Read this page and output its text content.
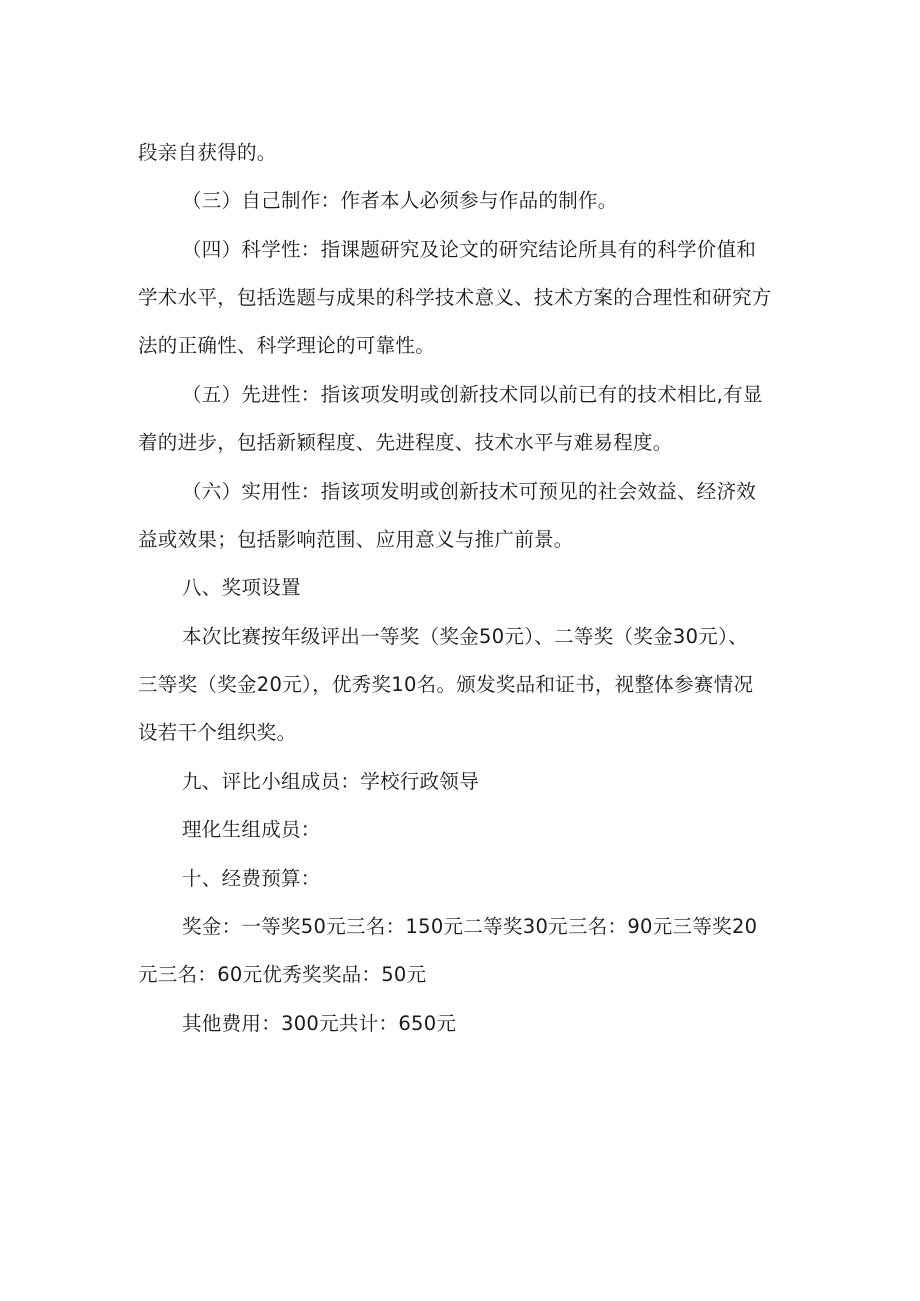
段亲自获得的。
（三）自己制作：作者本人必须参与作品的制作。
（四）科学性：指课题研究及论文的研究结论所具有的科学价值和
学术水平，包括选题与成果的科学技术意义、技术方案的合理性和研究方
法的正确性、科学理论的可靠性。
（五）先进性：指该项发明或创新技术同以前已有的技术相比,有显
着的进步，包括新颖程度、先进程度、技术水平与难易程度。
（六）实用性：指该项发明或创新技术可预见的社会效益、经济效
益或效果；包括影响范围、应用意义与推广前景。
八、奖项设置
本次比赛按年级评出一等奖（奖金50元）、二等奖（奖金30元）、
三等奖（奖金20元），优秀奖10名。颁发奖品和证书，视整体参赛情况
设若干个组织奖。
九、评比小组成员：学校行政领导
理化生组成员：
十、经费预算：
奖金：一等奖50元三名：150元二等奖30元三名：90元三等奖20
元三名：60元优秀奖奖品：50元
其他费用：300元共计：650元
